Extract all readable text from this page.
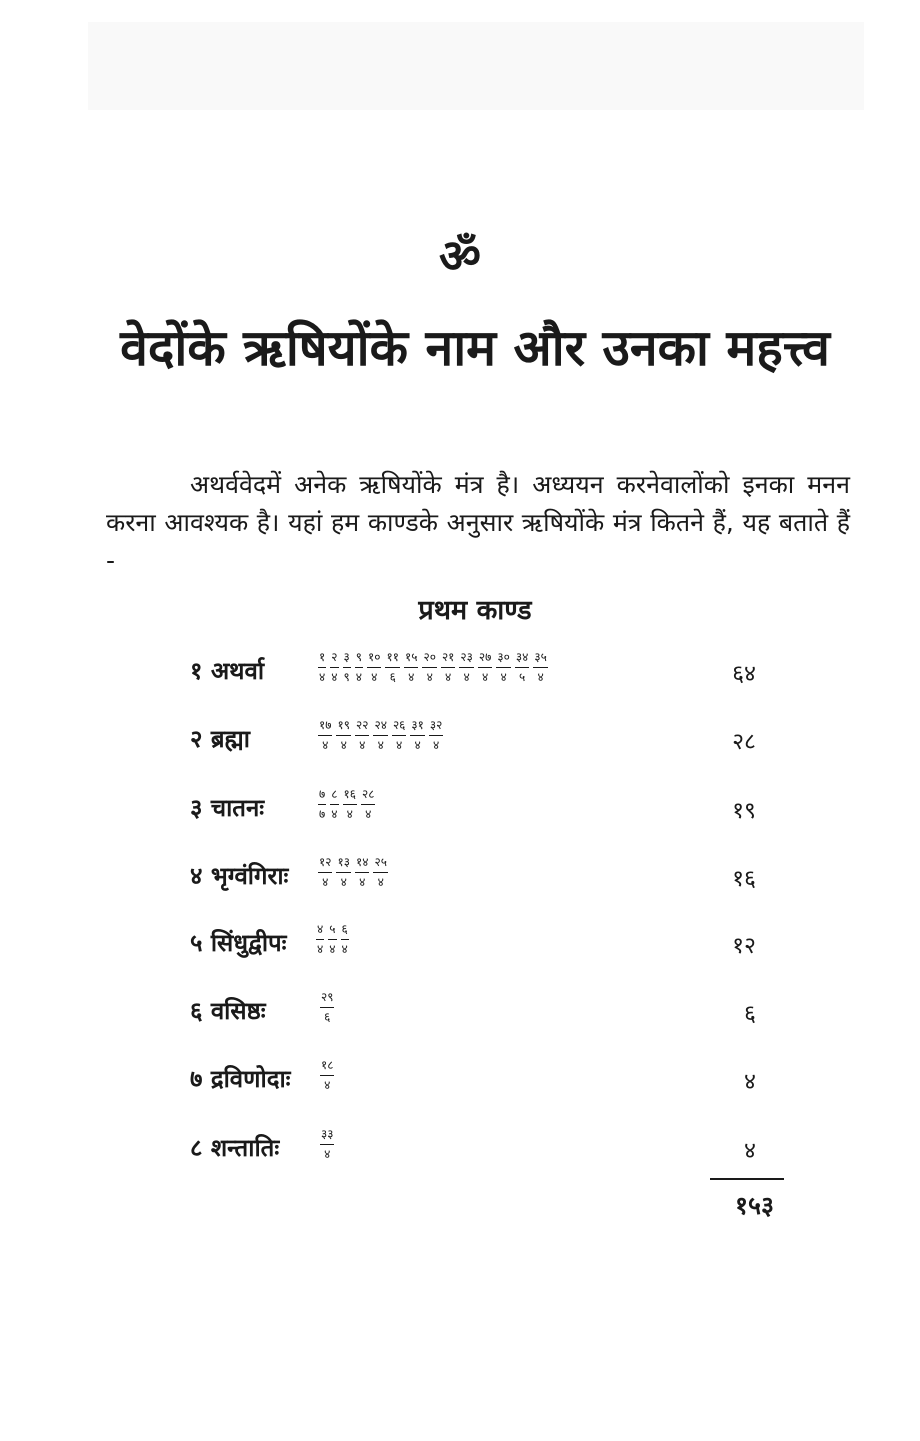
ॐ
वेदोंके ऋषियोंके नाम और उनका महत्त्व

अथर्ववेदमें अनेक ऋषियोंके मंत्र है। अध्ययन करनेवालोंको इनका मनन करना आवश्यक है। यहां हम काण्डके अनुसार ऋषियोंके मंत्र कितने हैं, यह बताते हैं -

प्रथम काण्ड
१ अथर्वा	$\frac{१}{४} \frac{२}{४} \frac{३}{९} \frac{९}{४} \frac{१०}{४} \frac{११}{६} \frac{१५}{४} \frac{२०}{४} \frac{२१}{४} \frac{२३}{४} \frac{२७}{४} \frac{३०}{४} \frac{३४}{५} \frac{३५}{४}$	६४
२ ब्रह्मा	$\frac{१७}{४} \frac{१९}{४} \frac{२२}{४} \frac{२४}{४} \frac{२६}{४} \frac{३१}{४} \frac{३२}{४}$	२८
३ चातनः	$\frac{७}{७} \frac{८}{४} \frac{१६}{४} \frac{२८}{४}$	१९
४ भृग्वंगिराः $\frac{१२}{४} \frac{१३}{४} \frac{१४}{४} \frac{२५}{४}$	१६
५ सिंधुद्वीपः $\frac{४}{४} \frac{५}{४} \frac{६}{४}$	१२
६ वसिष्ठः	$\frac{२९}{६}$	६
७ द्रविणोदाः $\frac{१८}{४}$	४
८ शन्तातिः	$\frac{३३}{४}$	४
१५३
